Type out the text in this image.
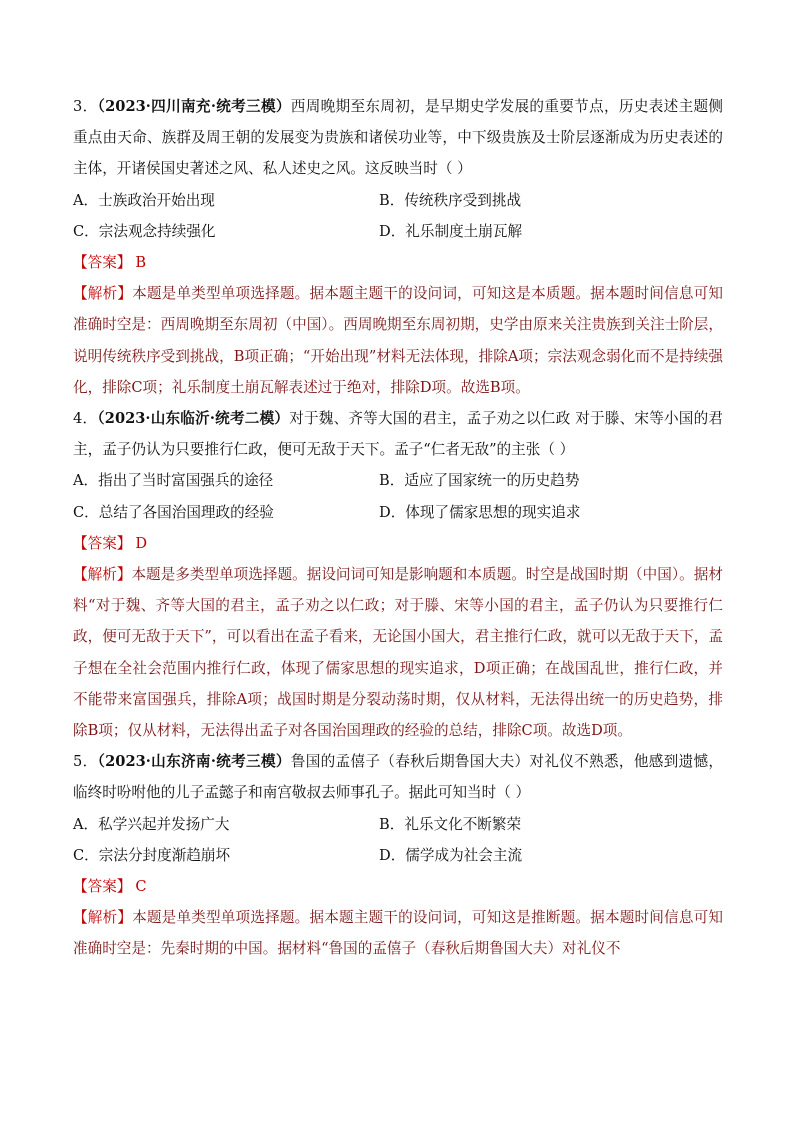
3．（2023·四川南充·统考三模）西周晚期至东周初，是早期史学发展的重要节点，历史表述主题侧重点由天命、族群及周王朝的发展变为贵族和诸侯功业等，中下级贵族及士阶层逐渐成为历史表述的主体，开诸侯国史著述之风、私人述史之风。这反映当时（ ）
A．士族政治开始出现	B．传统秩序受到挑战
C．宗法观念持续强化	D．礼乐制度土崩瓦解
【答案】 B
【解析】本题是单类型单项选择题。据本题主题干的设问词，可知这是本质题。据本题时间信息可知准确时空是：西周晚期至东周初（中国）。西周晚期至东周初期，史学由原来关注贵族到关注士阶层，说明传统秩序受到挑战，B项正确；“开始出现”材料无法体现，排除A项；宗法观念弱化而不是持续强化，排除C项；礼乐制度土崩瓦解表述过于绝对，排除D项。故选B项。
4．（2023·山东临沂·统考二模）对于魏、齐等大国的君主，孟子劝之以仁政 对于滕、宋等小国的君主，孟子仍认为只要推行仁政，便可无敌于天下。孟子“仁者无敌”的主张（ ）
A．指出了当时富国强兵的途径	B．适应了国家统一的历史趋势
C．总结了各国治国理政的经验	D．体现了儒家思想的现实追求
【答案】 D
【解析】本题是多类型单项选择题。据设问词可知是影响题和本质题。时空是战国时期（中国）。据材料“对于魏、齐等大国的君主，孟子劝之以仁政；对于滕、宋等小国的君主，孟子仍认为只要推行仁政，便可无敌于天下”，可以看出在孟子看来，无论国小国大，君主推行仁政，就可以无敌于天下，孟子想在全社会范围内推行仁政，体现了儒家思想的现实追求，D项正确；在战国乱世，推行仁政，并不能带来富国强兵，排除A项；战国时期是分裂动荡时期，仅从材料，无法得出统一的历史趋势，排除B项；仅从材料，无法得出孟子对各国治国理政的经验的总结，排除C项。故选D项。
5．（2023·山东济南·统考三模）鲁国的孟僖子（春秋后期鲁国大夫）对礼仪不熟悉，他感到遗憾，临终时吩咐他的儿子孟懿子和南宫敬叔去师事孔子。据此可知当时（ ）
A．私学兴起并发扬广大	B．礼乐文化不断繁荣
C．宗法分封度渐趋崩坏	D．儒学成为社会主流
【答案】 C
【解析】本题是单类型单项选择题。据本题主题干的设问词，可知这是推断题。据本题时间信息可知准确时空是：先秦时期的中国。据材料“鲁国的孟僖子（春秋后期鲁国大夫）对礼仪不
